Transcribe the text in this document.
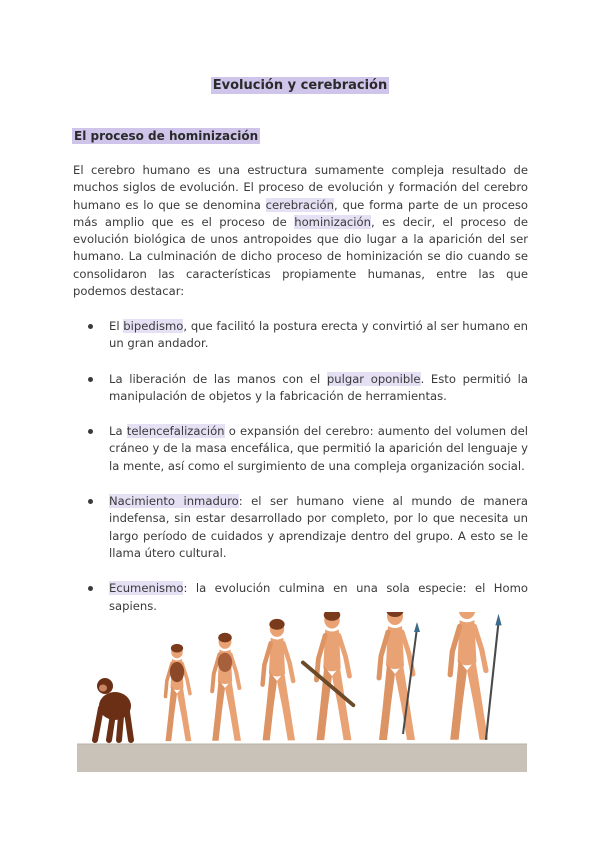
Evolución y cerebración
El proceso de hominización

El cerebro humano es una estructura sumamente compleja resultado de muchos siglos de evolución. El proceso de evolución y formación del cerebro humano es lo que se denomina cerebración, que forma parte de un proceso más amplio que es el proceso de hominización, es decir, el proceso de evolución biológica de unos antropoides que dio lugar a la aparición del ser humano. La culminación de dicho proceso de hominización se dio cuando se consolidaron las características propiamente humanas, entre las que podemos destacar:

El bipedismo, que facilitó la postura erecta y convirtió al ser humano en un gran andador.
La liberación de las manos con el pulgar oponible. Esto permitió la manipulación de objetos y la fabricación de herramientas.
La telencefalización o expansión del cerebro: aumento del volumen del cráneo y de la masa encefálica, que permitió la aparición del lenguaje y la mente, así como el surgimiento de una compleja organización social.
Nacimiento inmaduro: el ser humano viene al mundo de manera indefensa, sin estar desarrollado por completo, por lo que necesita un largo período de cuidados y aprendizaje dentro del grupo. A esto se le llama útero cultural.
Ecumenismo: la evolución culmina en una sola especie: el Homo sapiens.
